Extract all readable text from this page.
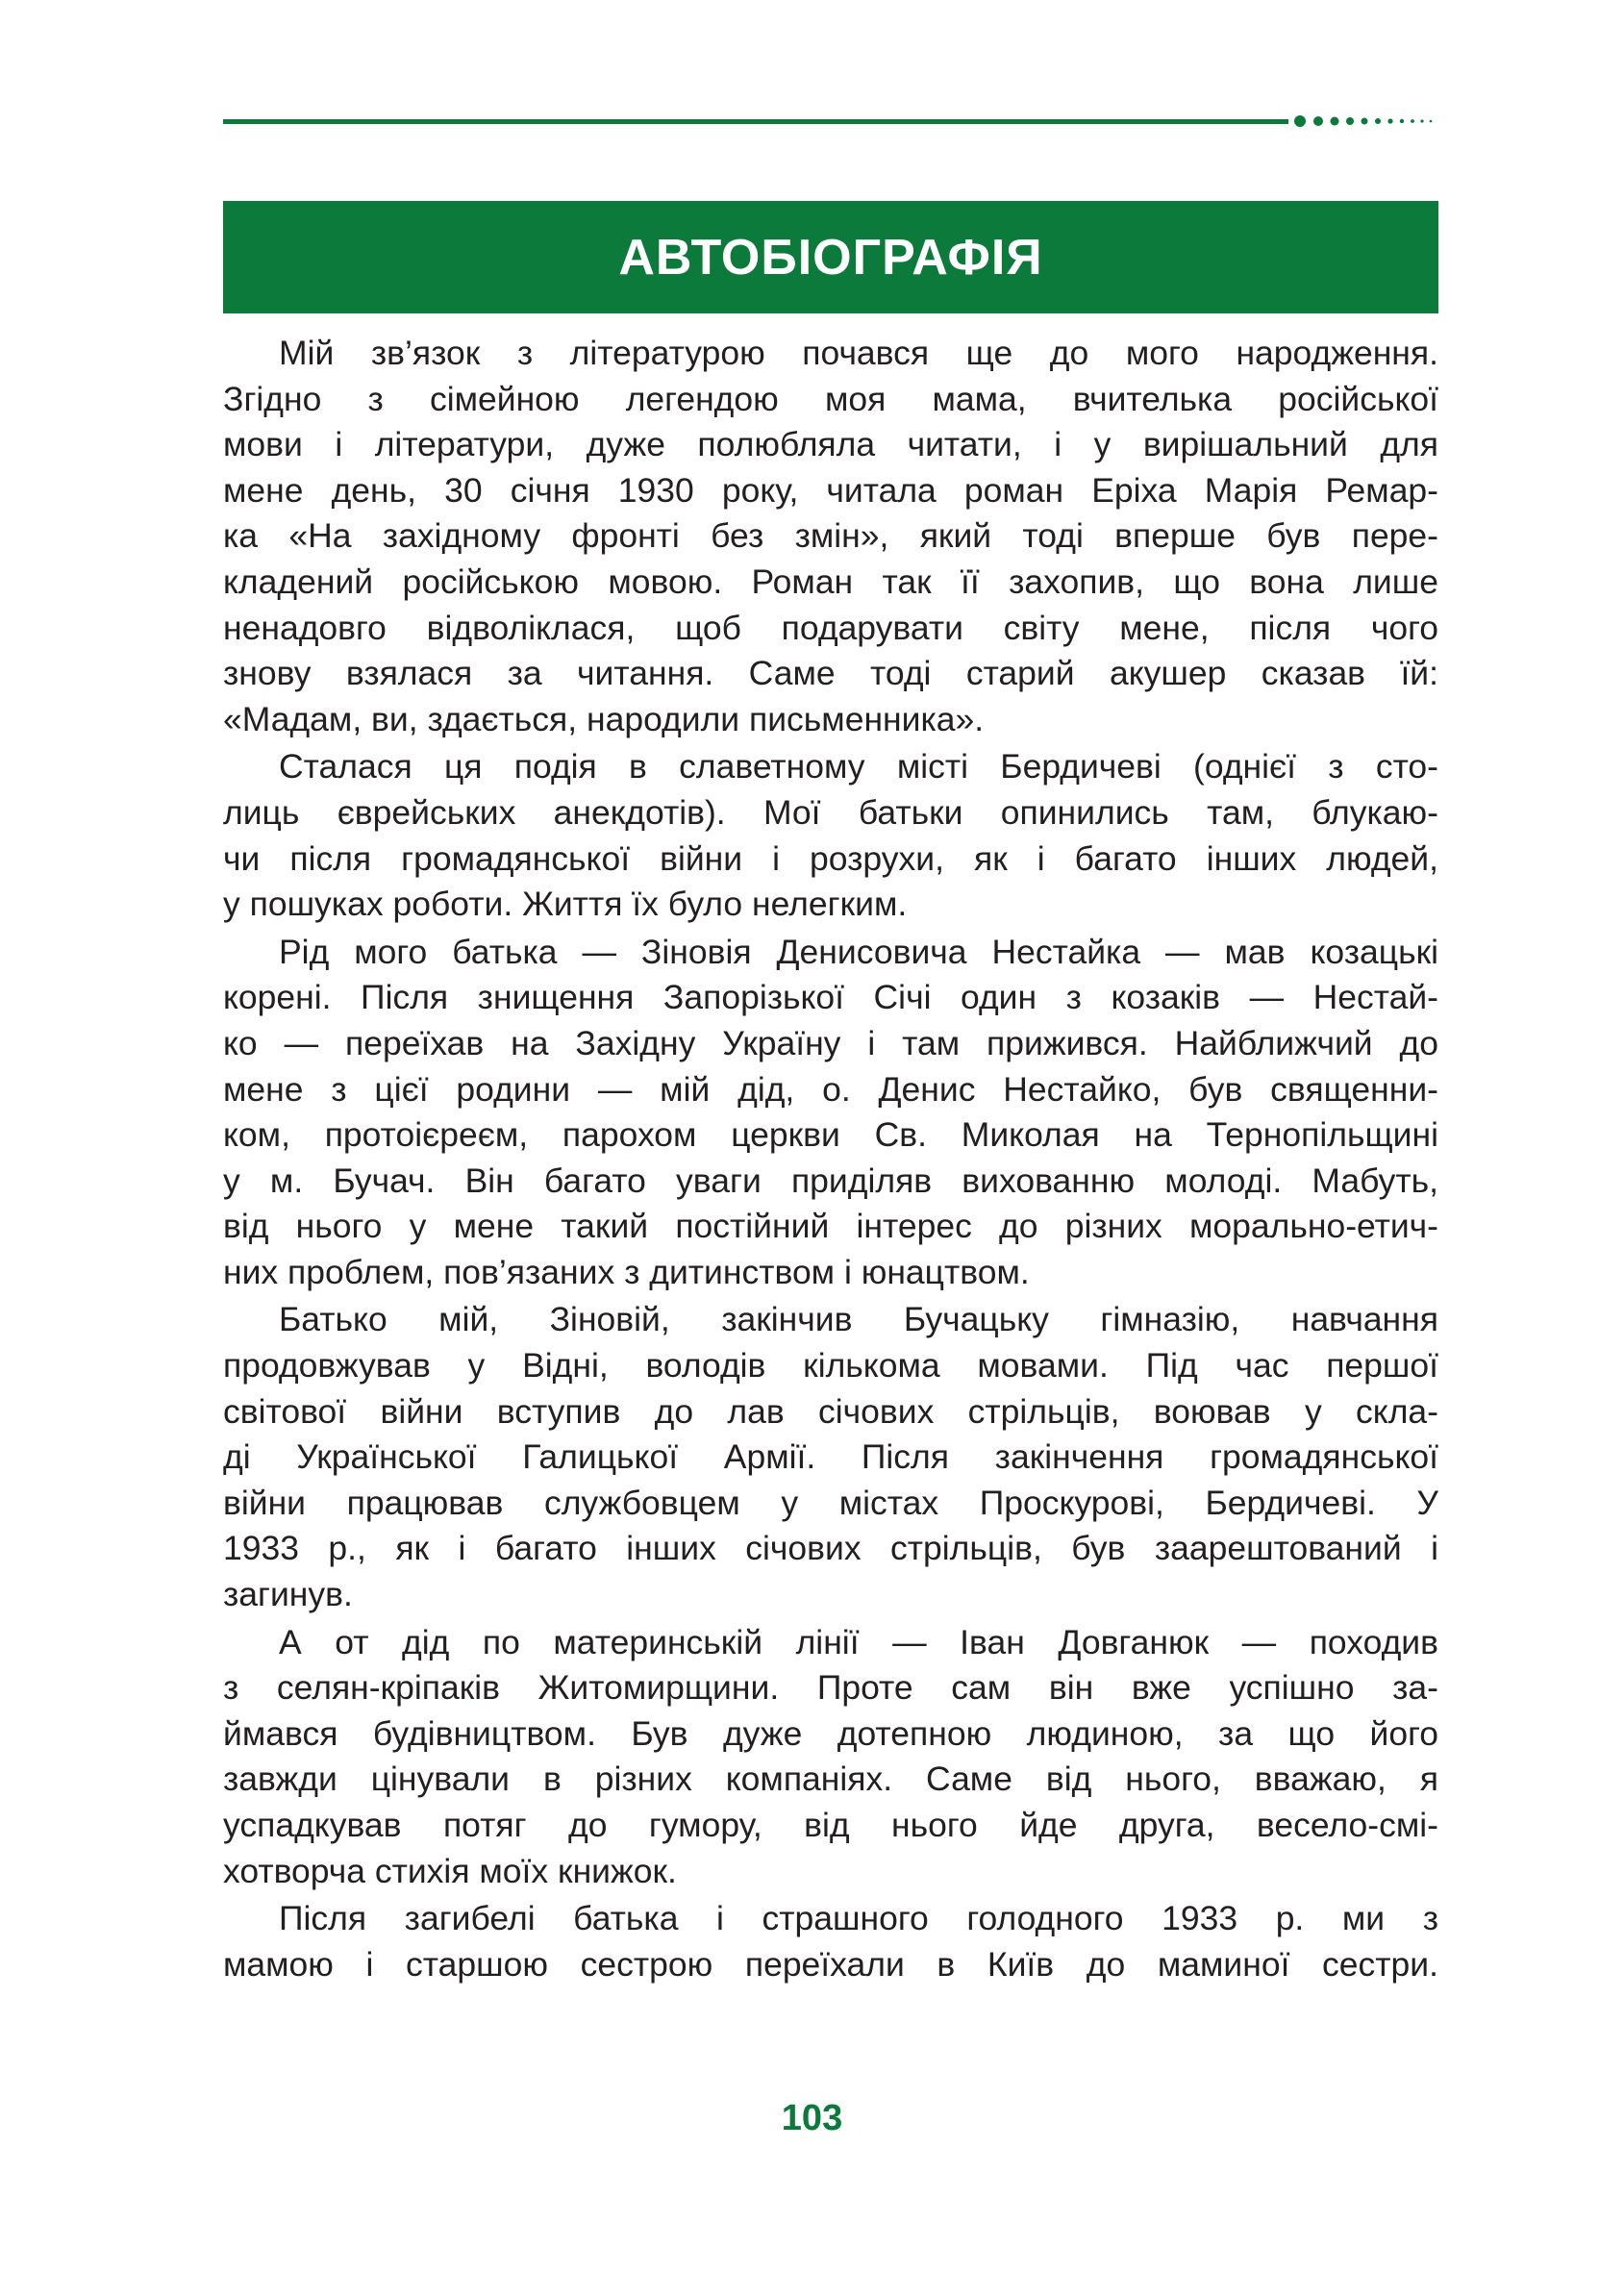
АВТОБІОГРАФІЯ
Мій зв’язок з літературою почався ще до мого народження.
Згідно з сімейною легендою моя мама, вчителька російської
мови і літератури, дуже полюбляла читати, і у вирішальний для
мене день, 30 січня 1930 року, читала роман Еріха Марія Ремар-
ка «На західному фронті без змін», який тоді вперше був пере-
кладений російською мовою. Роман так її захопив, що вона лише
ненадовго відволіклася, щоб подарувати світу мене, після чого
знову взялася за читання. Саме тоді старий акушер сказав їй:
«Мадам, ви, здається, народили письменника».
Сталася ця подія в славетному місті Бердичеві (однієї з сто-
лиць єврейських анекдотів). Мої батьки опинились там, блукаю-
чи після громадянської війни і розрухи, як і багато інших людей,
у пошуках роботи. Життя їх було нелегким.
Рід мого батька — Зіновія Денисовича Нестайка — мав козацькі
корені. Після знищення Запорізької Січі один з козаків — Нестай-
ко — переїхав на Західну Україну і там прижився. Найближчий до
мене з цієї родини — мій дід, о. Денис Нестайко, був священни-
ком, протоієреєм, парохом церкви Св. Миколая на Тернопільщині
у м. Бучач. Він багато уваги приділяв вихованню молоді. Мабуть,
від нього у мене такий постійний інтерес до різних морально-етич-
них проблем, пов’язаних з дитинством і юнацтвом.
Батько мій, Зіновій, закінчив Бучацьку гімназію, навчання
продовжував у Відні, володів кількома мовами. Під час першої
світової війни вступив до лав січових стрільців, воював у скла-
ді Української Галицької Армії. Після закінчення громадянської
війни працював службовцем у містах Проскурові, Бердичеві. У
1933 р., як і багато інших січових стрільців, був заарештований і
загинув.
А от дід по материнській лінії — Іван Довганюк — походив
з селян-кріпаків Житомирщини. Проте сам він вже успішно за-
ймався будівництвом. Був дуже дотепною людиною, за що його
завжди цінували в різних компаніях. Саме від нього, вважаю, я
успадкував потяг до гумору, від нього йде друга, весело-смі-
хотворча стихія моїх книжок.
Після загибелі батька і страшного голодного 1933 р. ми з
мамою і старшою сестрою переїхали в Київ до маминої сестри.
103
